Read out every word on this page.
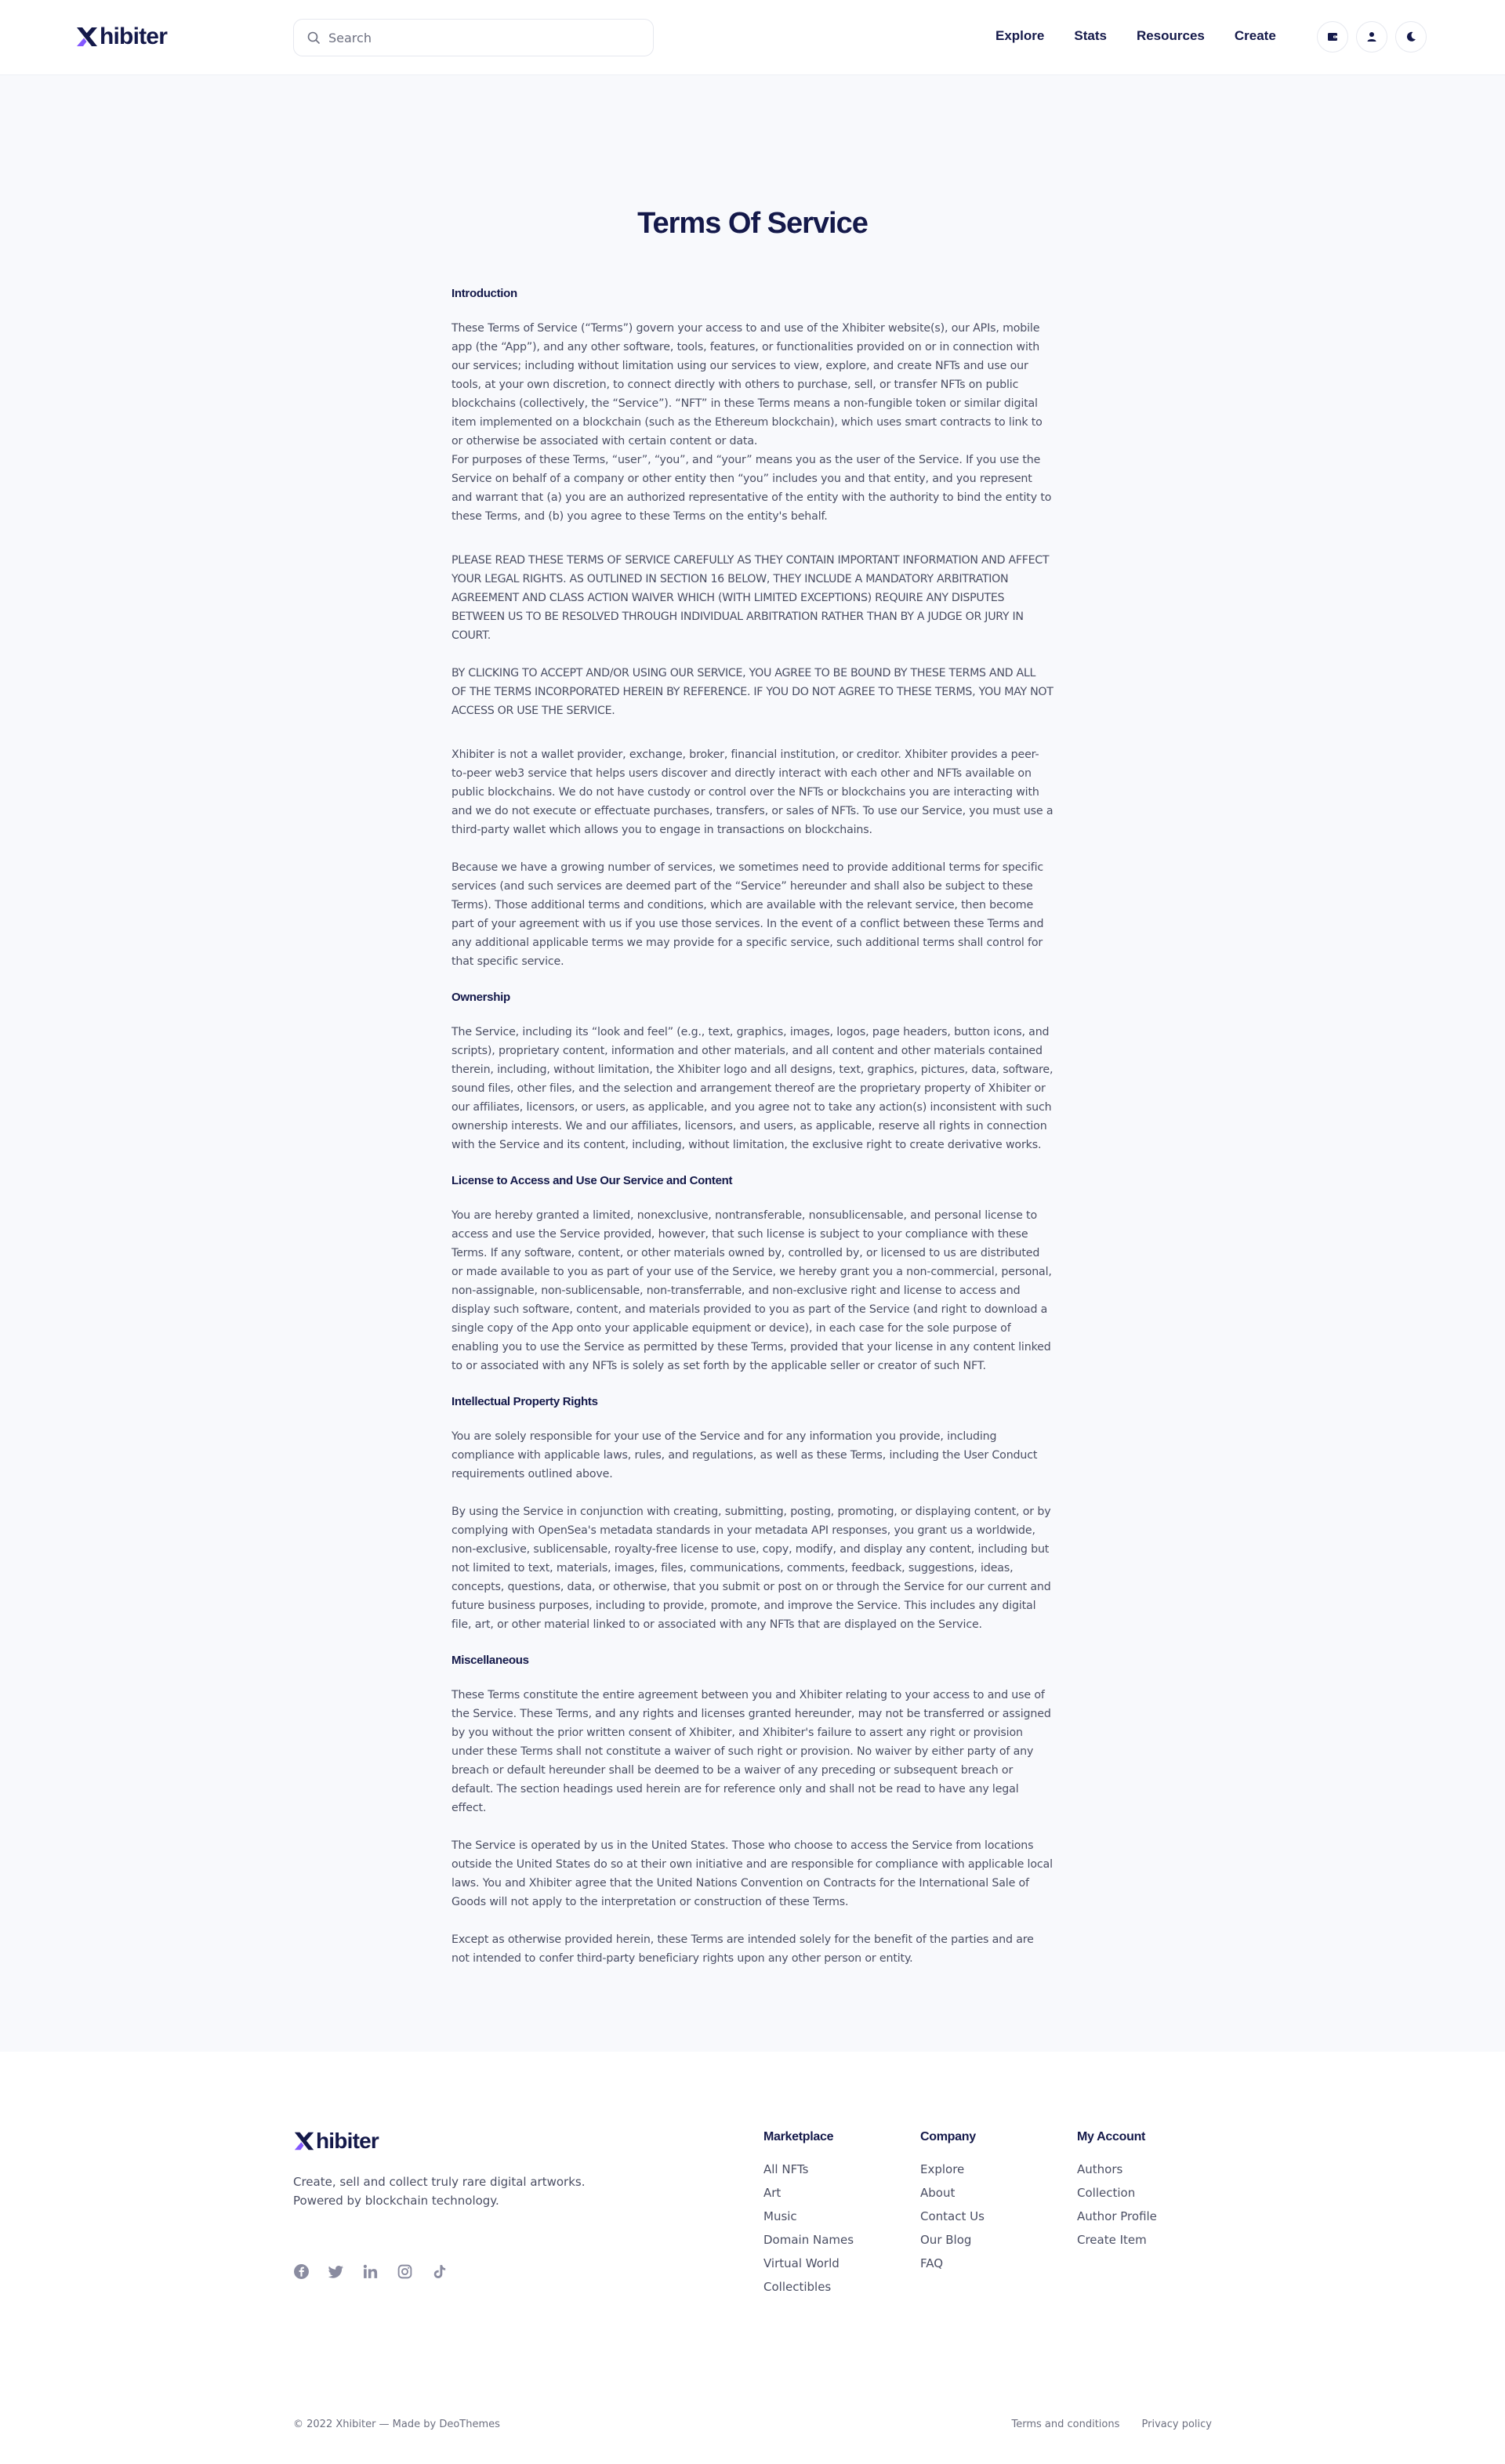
hibiter
Search	Explore Stats Resources Create
Terms Of Service
Introduction

These Terms of Service (“Terms”) govern your access to and use of the Xhibiter website(s), our APIs, mobile app (the “App”), and any other software, tools, features, or functionalities provided on or in connection with our services; including without limitation using our services to view, explore, and create NFTs and use our tools, at your own discretion, to connect directly with others to purchase, sell, or transfer NFTs on public blockchains (collectively, the “Service”). “NFT” in these Terms means a non-fungible token or similar digital item implemented on a blockchain (such as the Ethereum blockchain), which uses smart contracts to link to or otherwise be associated with certain content or data.

For purposes of these Terms, “user”, “you”, and “your” means you as the user of the Service. If you use the Service on behalf of a company or other entity then “you” includes you and that entity, and you represent and warrant that (a) you are an authorized representative of the entity with the authority to bind the entity to these Terms, and (b) you agree to these Terms on the entity's behalf.

PLEASE READ THESE TERMS OF SERVICE CAREFULLY AS THEY CONTAIN IMPORTANT INFORMATION AND AFFECT YOUR LEGAL RIGHTS. AS OUTLINED IN SECTION 16 BELOW, THEY INCLUDE A MANDATORY ARBITRATION AGREEMENT AND CLASS ACTION WAIVER WHICH (WITH LIMITED EXCEPTIONS) REQUIRE ANY DISPUTES BETWEEN US TO BE RESOLVED THROUGH INDIVIDUAL ARBITRATION RATHER THAN BY A JUDGE OR JURY IN COURT.

BY CLICKING TO ACCEPT AND/OR USING OUR SERVICE, YOU AGREE TO BE BOUND BY THESE TERMS AND ALL OF THE TERMS INCORPORATED HEREIN BY REFERENCE. IF YOU DO NOT AGREE TO THESE TERMS, YOU MAY NOT ACCESS OR USE THE SERVICE.

Xhibiter is not a wallet provider, exchange, broker, financial institution, or creditor. Xhibiter provides a peer-to-peer web3 service that helps users discover and directly interact with each other and NFTs available on public blockchains. We do not have custody or control over the NFTs or blockchains you are interacting with and we do not execute or effectuate purchases, transfers, or sales of NFTs. To use our Service, you must use a third-party wallet which allows you to engage in transactions on blockchains.

Because we have a growing number of services, we sometimes need to provide additional terms for specific services (and such services are deemed part of the “Service” hereunder and shall also be subject to these Terms). Those additional terms and conditions, which are available with the relevant service, then become part of your agreement with us if you use those services. In the event of a conflict between these Terms and any additional applicable terms we may provide for a specific service, such additional terms shall control for that specific service.

Ownership

The Service, including its “look and feel” (e.g., text, graphics, images, logos, page headers, button icons, and scripts), proprietary content, information and other materials, and all content and other materials contained therein, including, without limitation, the Xhibiter logo and all designs, text, graphics, pictures, data, software, sound files, other files, and the selection and arrangement thereof are the proprietary property of Xhibiter or our affiliates, licensors, or users, as applicable, and you agree not to take any action(s) inconsistent with such ownership interests. We and our affiliates, licensors, and users, as applicable, reserve all rights in connection with the Service and its content, including, without limitation, the exclusive right to create derivative works.

License to Access and Use Our Service and Content

You are hereby granted a limited, nonexclusive, nontransferable, nonsublicensable, and personal license to access and use the Service provided, however, that such license is subject to your compliance with these Terms. If any software, content, or other materials owned by, controlled by, or licensed to us are distributed or made available to you as part of your use of the Service, we hereby grant you a non-commercial, personal, non-assignable, non-sublicensable, non-transferrable, and non-exclusive right and license to access and display such software, content, and materials provided to you as part of the Service (and right to download a single copy of the App onto your applicable equipment or device), in each case for the sole purpose of enabling you to use the Service as permitted by these Terms, provided that your license in any content linked to or associated with any NFTs is solely as set forth by the applicable seller or creator of such NFT.

Intellectual Property Rights

You are solely responsible for your use of the Service and for any information you provide, including compliance with applicable laws, rules, and regulations, as well as these Terms, including the User Conduct requirements outlined above.

By using the Service in conjunction with creating, submitting, posting, promoting, or displaying content, or by complying with OpenSea's metadata standards in your metadata API responses, you grant us a worldwide, non-exclusive, sublicensable, royalty-free license to use, copy, modify, and display any content, including but not limited to text, materials, images, files, communications, comments, feedback, suggestions, ideas, concepts, questions, data, or otherwise, that you submit or post on or through the Service for our current and future business purposes, including to provide, promote, and improve the Service. This includes any digital file, art, or other material linked to or associated with any NFTs that are displayed on the Service.

Miscellaneous

These Terms constitute the entire agreement between you and Xhibiter relating to your access to and use of the Service. These Terms, and any rights and licenses granted hereunder, may not be transferred or assigned by you without the prior written consent of Xhibiter, and Xhibiter's failure to assert any right or provision under these Terms shall not constitute a waiver of such right or provision. No waiver by either party of any breach or default hereunder shall be deemed to be a waiver of any preceding or subsequent breach or default. The section headings used herein are for reference only and shall not be read to have any legal effect.

The Service is operated by us in the United States. Those who choose to access the Service from locations outside the United States do so at their own initiative and are responsible for compliance with applicable local laws. You and Xhibiter agree that the United Nations Convention on Contracts for the International Sale of Goods will not apply to the interpretation or construction of these Terms.

Except as otherwise provided herein, these Terms are intended solely for the benefit of the parties and are not intended to confer third-party beneficiary rights upon any other person or entity.

hibiter

Create, sell and collect truly rare digital artworks. Powered by blockchain technology.

Marketplace
All NFTs
Art
Music
Domain Names
Virtual World
Collectibles
Company
Explore
About
Contact Us
Our Blog
FAQ
My Account
Authors
Collection
Author Profile
Create Item
© 2022 Xhibiter — Made by DeoThemes	Terms and conditions Privacy policy
